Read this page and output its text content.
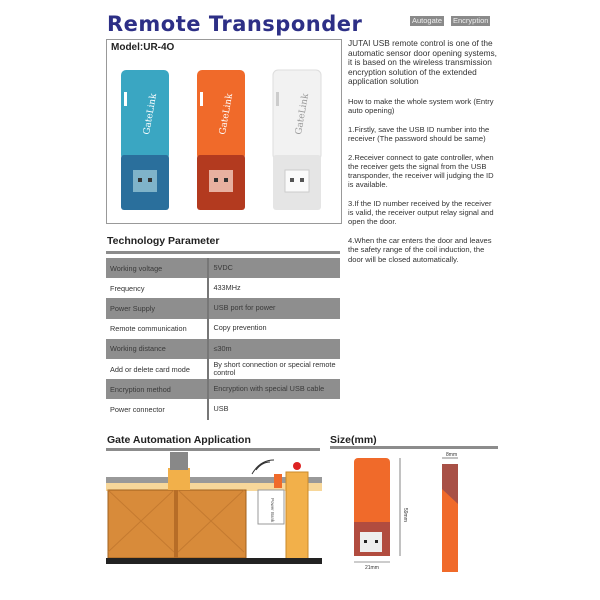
Remote Transponder	Autogate Encryption
Model:UR-4O
GateLink	GateLink	GateLink

JUTAI USB remote control is one of the automatic sensor door opening systems, it is based on the wireless transmission encryption solution of the extended application solution

How to make the whole system work (Entry auto opening)

1.Firstly, save the USB ID number into the receiver (The password should be same)

2.Receiver connect to gate controller, when the receiver gets the signal from the USB transponder, the receiver will judging the ID is available.

3.If the ID number received by the receiver is valid, the receiver output relay signal and open the door.

4.When the car enters the door and leaves the safety range of the coil induction, the door will be closed automatically.

Technology Parameter
Working voltage	5VDC
Frequency	433MHz
Power Supply	USB port for power
Remote communication	Copy prevention
Working distance	≤30m
Add or delete card mode	By short connection or special remote control
Encryption method	Encryption with special USB cable
Power connector	USB
Gate Automation Application
Power Bank
Size(mm)
59mm
21mm
8mm
